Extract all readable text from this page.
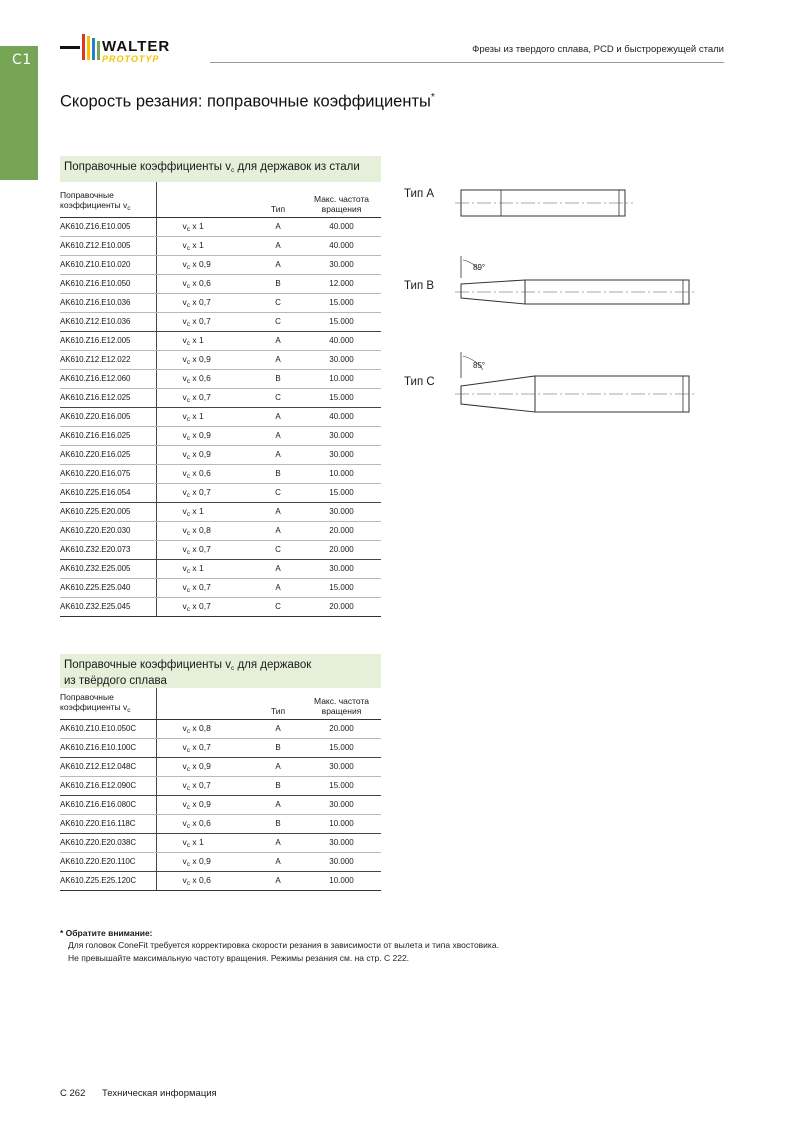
C1
WALTER
PROTOTYP
Фрезы из твердого сплава, PCD и быстрорежущей стали
Скорость резания: поправочные коэффициенты*
Поправочные коэффициенты $v_c$ для державок из стали
Поправочные
коэффициенты $v_c$		Тип	Макс. частота
вращения
AK610.Z16.E10.005	$v_c$ x 1	A	40.000
AK610.Z12.E10.005	$v_c$ x 1	A	40.000
AK610.Z10.E10.020	$v_c$ x 0,9	A	30.000
AK610.Z16.E10.050	$v_c$ x 0,6	B	12.000
AK610.Z16.E10.036	$v_c$ x 0,7	C	15.000
AK610.Z12.E10.036	$v_c$ x 0,7	C	15.000
AK610.Z16.E12.005	$v_c$ x 1	A	40.000
AK610.Z12.E12.022	$v_c$ x 0,9	A	30.000
AK610.Z16.E12.060	$v_c$ x 0,6	B	10.000
AK610.Z16.E12.025	$v_c$ x 0,7	C	15.000
AK610.Z20.E16.005	$v_c$ x 1	A	40.000
AK610.Z16.E16.025	$v_c$ x 0,9	A	30.000
AK610.Z20.E16.025	$v_c$ x 0,9	A	30.000
AK610.Z20.E16.075	$v_c$ x 0,6	B	10.000
AK610.Z25.E16.054	$v_c$ x 0,7	C	15.000
AK610.Z25.E20.005	$v_c$ x 1	A	30.000
AK610.Z20.E20.030	$v_c$ x 0,8	A	20.000
AK610.Z32.E20.073	$v_c$ x 0,7	C	20.000
AK610.Z32.E25.005	$v_c$ x 1	A	30.000
AK610.Z25.E25.040	$v_c$ x 0,7	A	15.000
AK610.Z32.E25.045	$v_c$ x 0,7	C	20.000
Поправочные коэффициенты $v_c$ для державок
из твёрдого сплава
Поправочные
коэффициенты $v_c$		Тип	Макс. частота
вращения
AK610.Z10.E10.050C	$v_c$ x 0,8	A	20.000
AK610.Z16.E10.100C	$v_c$ x 0,7	B	15.000
AK610.Z12.E12.048C	$v_c$ x 0,9	A	30.000
AK610.Z16.E12.090C	$v_c$ x 0,7	B	15.000
AK610.Z16.E16.080C	$v_c$ x 0,9	A	30.000
AK610.Z20.E16.118C	$v_c$ x 0,6	B	10.000
AK610.Z20.E20.038C	$v_c$ x 1	A	30.000
AK610.Z20.E20.110C	$v_c$ x 0,9	A	30.000
AK610.Z25.E25.120C	$v_c$ x 0,6	A	10.000
Тип A
Тип B
89°
Тип C
85°
* Обратите внимание:
Для головок ConeFit требуется корректировка скорости резания в зависимости от вылета и типа хвостовика.
Не превышайте максимальную частоту вращения. Режимы резания см. на стр. C 222.
C 262 Техническая информация
